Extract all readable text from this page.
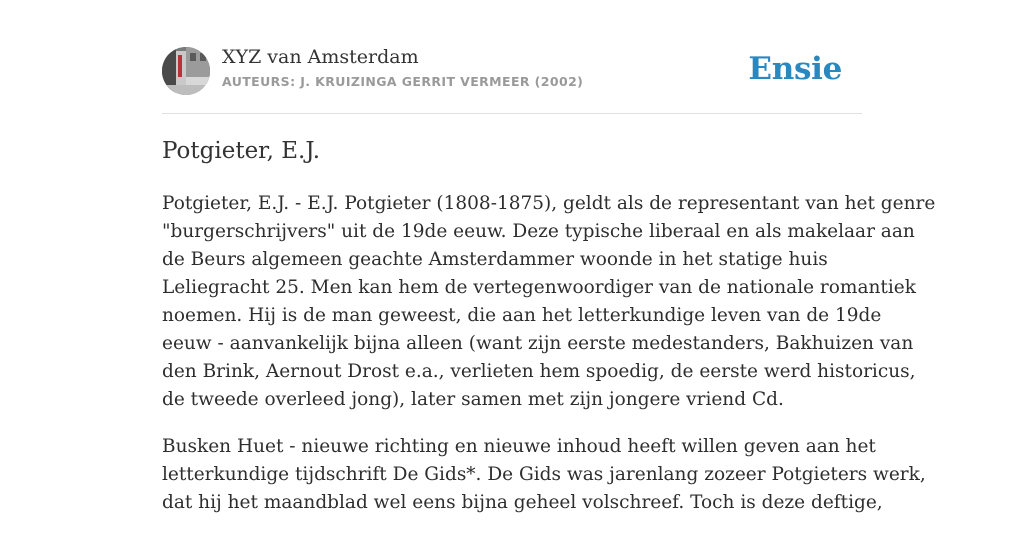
XYZ van Amsterdam
AUTEURS: J. KRUIZINGA GERRIT VERMEER (2002)	Ensie
Potgieter, E.J.

Potgieter, E.J. - E.J. Potgieter (1808-1875), geldt als de representant van het genre
"burgerschrijvers" uit de 19de eeuw. Deze typische liberaal en als makelaar aan
de Beurs algemeen geachte Amsterdammer woonde in het statige huis
Leliegracht 25. Men kan hem de vertegenwoordiger van de nationale romantiek
noemen. Hij is de man geweest, die aan het letterkundige leven van de 19de
eeuw - aanvankelijk bijna alleen (want zijn eerste medestanders, Bakhuizen van
den Brink, Aernout Drost e.a., verlieten hem spoedig, de eerste werd historicus,
de tweede overleed jong), later samen met zijn jongere vriend Cd.

Busken Huet - nieuwe richting en nieuwe inhoud heeft willen geven aan het
letterkundige tijdschrift De Gids*. De Gids was jarenlang zozeer Potgieters werk,
dat hij het maandblad wel eens bijna geheel volschreef. Toch is deze deftige,
